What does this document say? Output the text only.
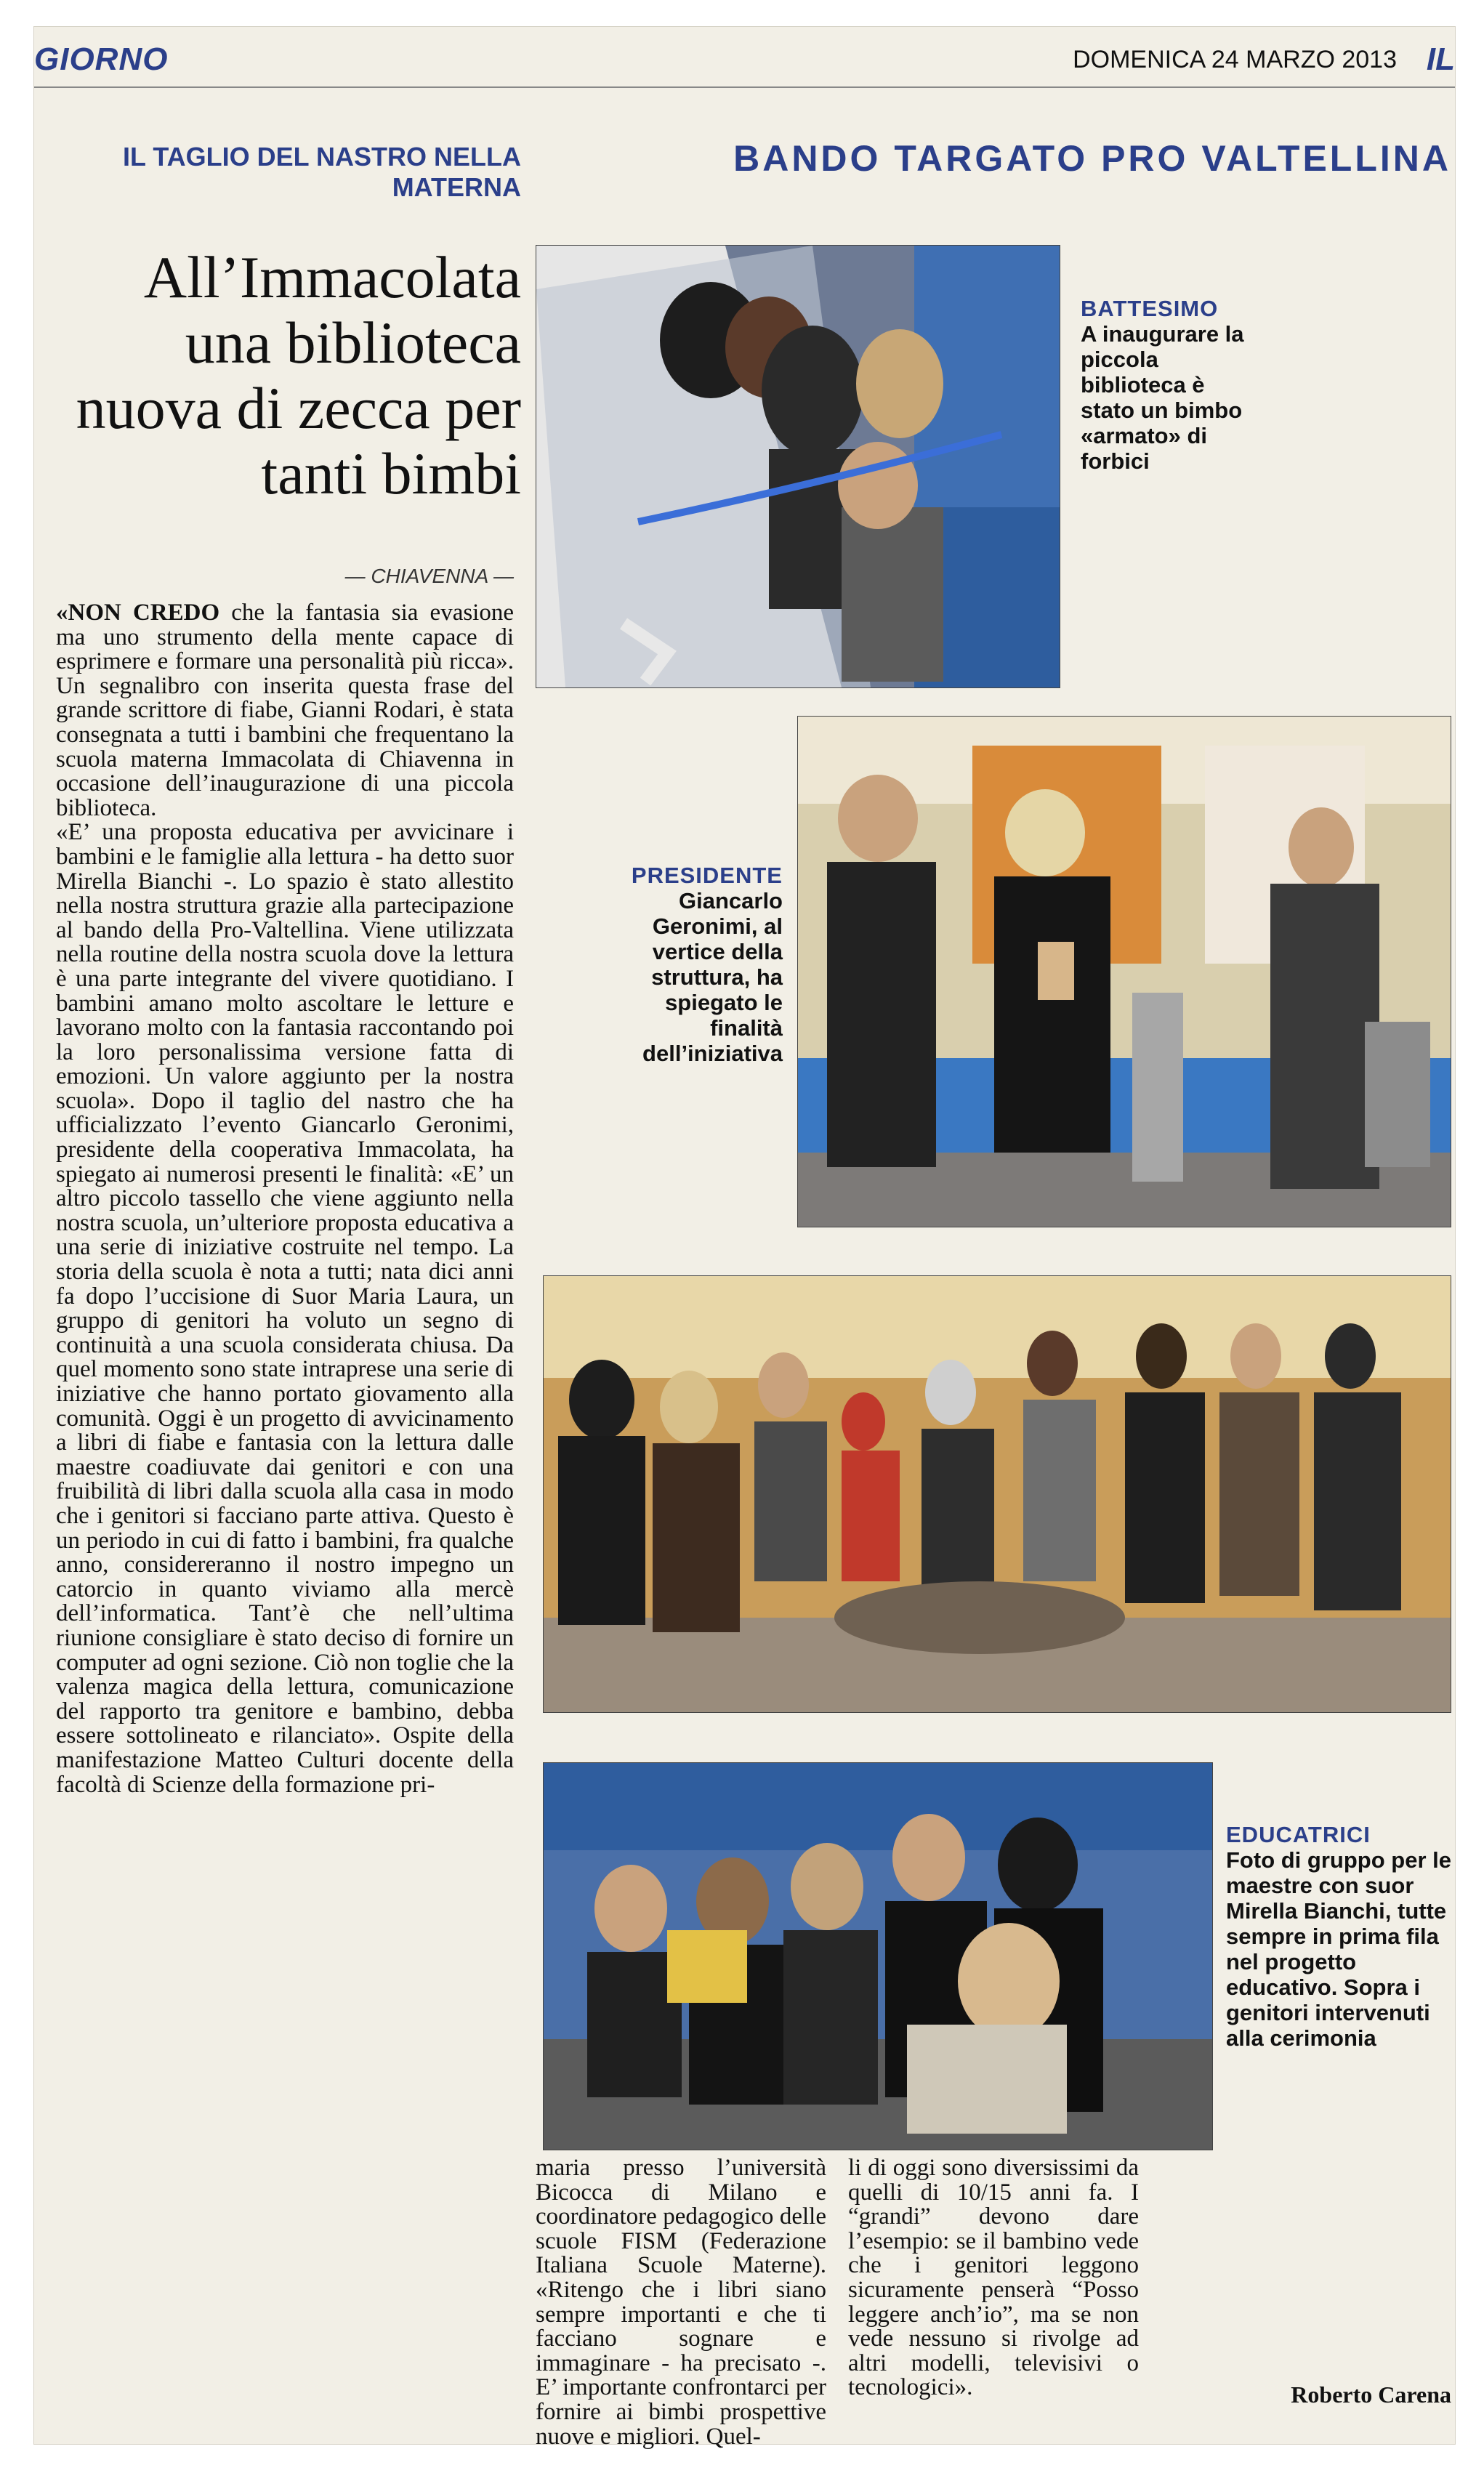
GIORNO	DOMENICA 24 MARZO 2013 IL
IL TAGLIO DEL NASTRO NELLA MATERNA
BANDO TARGATO PRO VALTELLINA
All’Immacolata una biblioteca nuova di zecca per tanti bimbi
— CHIAVENNA —

«NON CREDO che la fantasia sia evasione ma uno strumento della mente capace di esprimere e formare una personalità più ricca». Un segnalibro con inserita questa frase del grande scrittore di fiabe, Gianni Rodari, è stata consegnata a tutti i bambini che frequentano la scuola materna Immacolata di Chiavenna in occasione dell’inaugurazione di una piccola biblioteca.

«E’ una proposta educativa per avvicinare i bambini e le famiglie alla lettura - ha detto suor Mirella Bianchi -. Lo spazio è stato allestito nella nostra struttura grazie alla partecipazione al bando della Pro-Valtellina. Viene utilizzata nella routine della nostra scuola dove la lettura è una parte integrante del vivere quotidiano. I bambini amano molto ascoltare le letture e lavorano molto con la fantasia raccontando poi la loro personalissima versione fatta di emozioni. Un valore aggiunto per la nostra scuola». Dopo il taglio del nastro che ha ufficializzato l’evento Giancarlo Geronimi, presidente della cooperativa Immacolata, ha spiegato ai numerosi presenti le finalità: «E’ un altro piccolo tassello che viene aggiunto nella nostra scuola, un’ulteriore proposta educativa a una serie di iniziative costruite nel tempo. La storia della scuola è nota a tutti; nata dici anni fa dopo l’uccisione di Suor Maria Laura, un gruppo di genitori ha voluto un segno di continuità a una scuola considerata chiusa. Da quel momento sono state intraprese una serie di iniziative che hanno portato giovamento alla comunità. Oggi è un progetto di avvicinamento a libri di fiabe e fantasia con la lettura dalle maestre coadiuvate dai genitori e con una fruibilità di libri dalla scuola alla casa in modo che i genitori si facciano parte attiva. Questo è un periodo in cui di fatto i bambini, fra qualche anno, considereranno il nostro impegno un catorcio in quanto viviamo alla mercè dell’informatica. Tant’è che nell’ultima riunione consigliare è stato deciso di fornire un computer ad ogni sezione. Ciò non toglie che la valenza magica della lettura, comunicazione del rapporto tra genitore e bambino, debba essere sottolineato e rilanciato». Ospite della manifestazione Matteo Culturi docente della facoltà di Scienze della formazione pri-

BATTESIMO
A inaugurare la piccola biblioteca è stato un bimbo «armato» di forbici
PRESIDENTE
Giancarlo Geronimi, al vertice della struttura, ha spiegato le finalità dell’iniziativa
EDUCATRICI
Foto di gruppo per le maestre con suor Mirella Bianchi, tutte sempre in prima fila nel progetto educativo. Sopra i genitori intervenuti alla cerimonia

maria presso l’università Bicocca di Milano e coordinatore pedagogico delle scuole FISM (Federazione Italiana Scuole Materne). «Ritengo che i libri siano sempre importanti e che ti facciano sognare e immaginare - ha precisato -. E’ importante confrontarci per fornire ai bimbi prospettive nuove e migliori. Quel-

li di oggi sono diversissimi da quelli di 10/15 anni fa. I “grandi” devono dare l’esempio: se il bambino vede che i genitori leggono sicuramente penserà “Posso leggere anch’io”, ma se non vede nessuno si rivolge ad altri modelli, televisivi o tecnologici».	Roberto Carena
